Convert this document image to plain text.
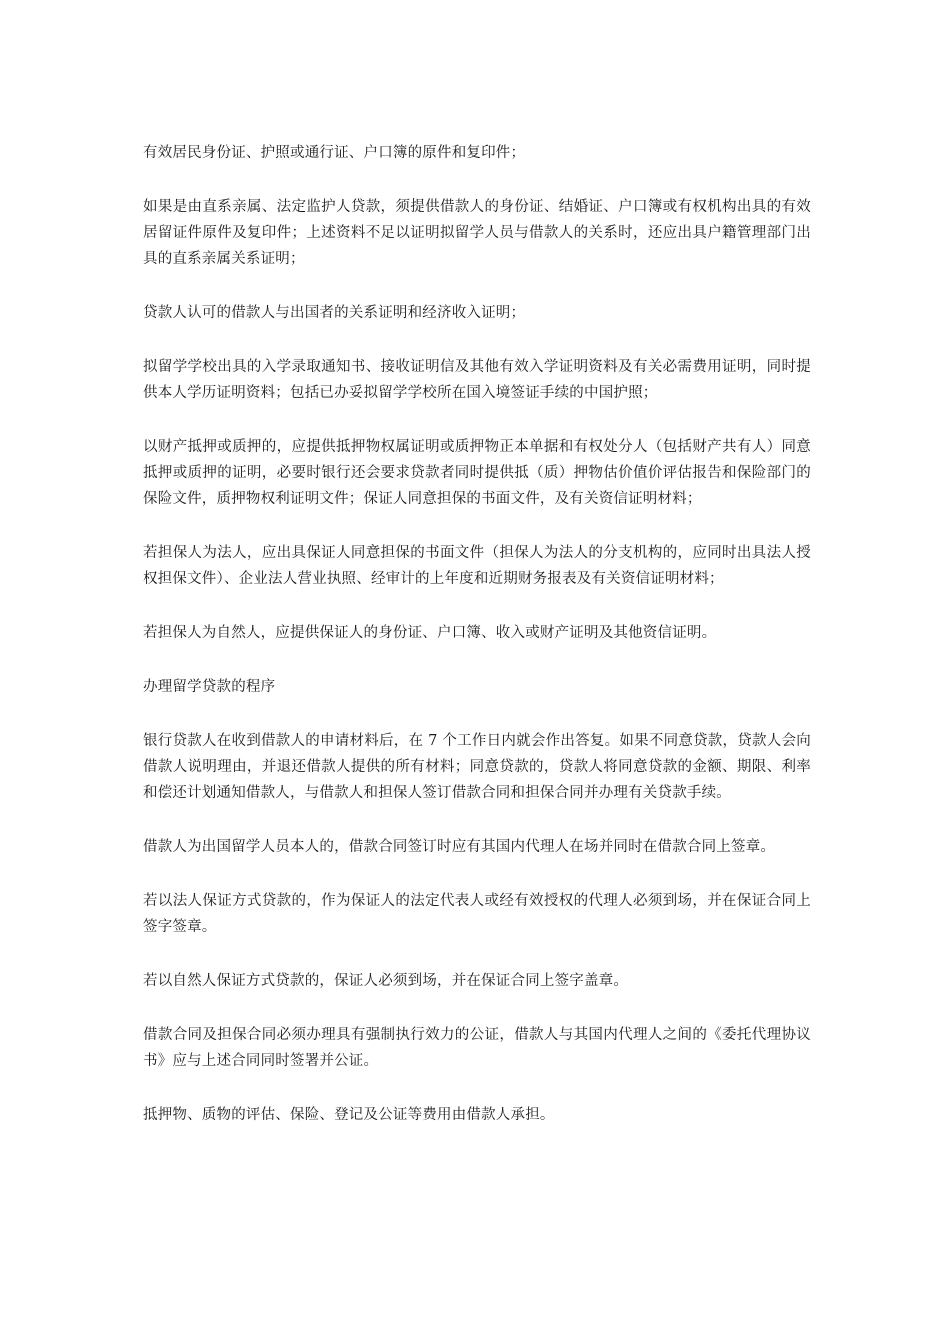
有效居民身份证、护照或通行证、户口簿的原件和复印件；

如果是由直系亲属、法定监护人贷款，须提供借款人的身份证、结婚证、户口簿或有权机构出具的有效居留证件原件及复印件；上述资料不足以证明拟留学人员与借款人的关系时，还应出具户籍管理部门出具的直系亲属关系证明；

贷款人认可的借款人与出国者的关系证明和经济收入证明；

拟留学学校出具的入学录取通知书、接收证明信及其他有效入学证明资料及有关必需费用证明，同时提供本人学历证明资料；包括已办妥拟留学学校所在国入境签证手续的中国护照；

以财产抵押或质押的，应提供抵押物权属证明或质押物正本单据和有权处分人（包括财产共有人）同意抵押或质押的证明，必要时银行还会要求贷款者同时提供抵（质）押物估价值价评估报告和保险部门的保险文件，质押物权利证明文件；保证人同意担保的书面文件，及有关资信证明材料；

若担保人为法人，应出具保证人同意担保的书面文件（担保人为法人的分支机构的，应同时出具法人授权担保文件）、企业法人营业执照、经审计的上年度和近期财务报表及有关资信证明材料；

若担保人为自然人，应提供保证人的身份证、户口簿、收入或财产证明及其他资信证明。

办理留学贷款的程序

银行贷款人在收到借款人的申请材料后，在 7 个工作日内就会作出答复。如果不同意贷款，贷款人会向借款人说明理由，并退还借款人提供的所有材料；同意贷款的，贷款人将同意贷款的金额、期限、利率和偿还计划通知借款人，与借款人和担保人签订借款合同和担保合同并办理有关贷款手续。

借款人为出国留学人员本人的，借款合同签订时应有其国内代理人在场并同时在借款合同上签章。

若以法人保证方式贷款的，作为保证人的法定代表人或经有效授权的代理人必须到场，并在保证合同上签字签章。

若以自然人保证方式贷款的，保证人必须到场，并在保证合同上签字盖章。

借款合同及担保合同必须办理具有强制执行效力的公证，借款人与其国内代理人之间的《委托代理协议书》应与上述合同同时签署并公证。

抵押物、质物的评估、保险、登记及公证等费用由借款人承担。
